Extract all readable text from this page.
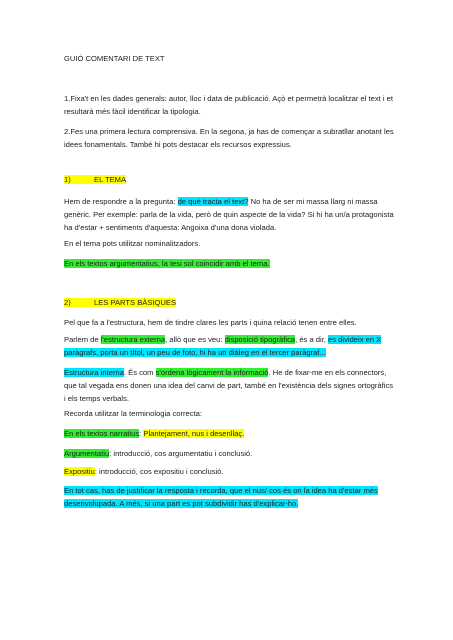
GUIÓ COMENTARI DE TEXT

1.Fixa't en les dades generals: autor, lloc i data de publicació. Açò et permetrà localitzar el text i et resultarà més fàcil identificar la tipologia.

2.Fes una primera lectura comprensiva. En la segona, ja has de començar a subratllar anotant les idees fonamentals. També hi pots destacar els recursos expressius.

1)	EL TEMA

Hem de respondre a la pregunta: de què tracta el text? No ha de ser mi massa llarg ni massa genèric. Per exemple: parla de la vida, però de quin aspecte de la vida? Si hi ha un/a protagonista ha d'estar + sentiments d'aquesta: Angoixa d'una dona violada.

En el tema pots utilitzar nominalitzadors.

En els textos argumentatius, la tesi sol coincidir amb el tema.

2)	LES PARTS BÀSIQUES

Pel que fa a l'estructura, hem de tindre clares les parts i quina relació tenen entre elles.

Parlem de l'estructura externa, allò que es veu: disposició tipogràfica, és a dir, es divideix en X paràgrafs, porta un títol, un peu de foto, hi ha un diàleg en el tercer paràgraf...

Estructura interna. És com s'ordena lògicament la informació. He de fixar-me en els connectors, que tal vegada ens donen una idea del canvi de part, també en l'existència dels signes ortogràfics i els temps verbals.

Recorda utilitzar la terminologia correcta:

En els textos narratius: Plantejament, nus i desenllaç.

Argumentatiu: introducció, cos argumentatiu i conclusió.

Expositiu: introducció, cos expositiu i conclusió.

En tot cas, has de justificar la resposta i recorda, que el nus/ cos és on la idea ha d'estar més desenvolupada. A més, si una part es pot subdividir has d'explicar-ho.
